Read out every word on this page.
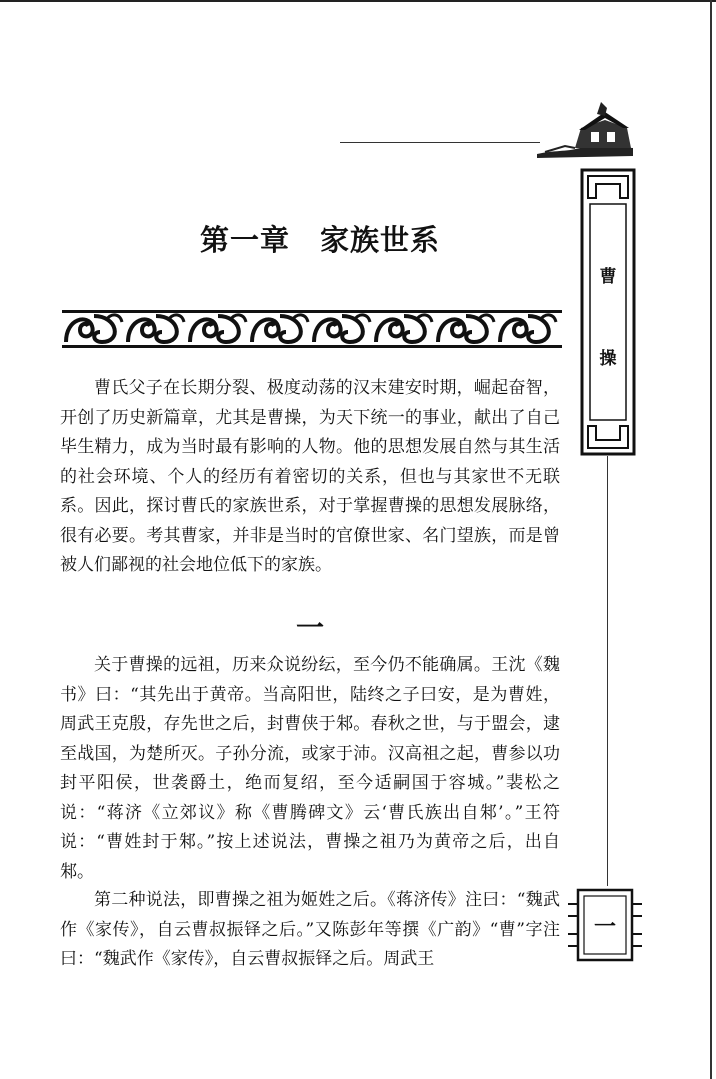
第一章　家族世系

曹氏父子在长期分裂、极度动荡的汉末建安时期，崛起奋智，开创了历史新篇章，尤其是曹操，为天下统一的事业，献出了自己毕生精力，成为当时最有影响的人物。他的思想发展自然与其生活的社会环境、个人的经历有着密切的关系，但也与其家世不无联系。因此，探讨曹氏的家族世系，对于掌握曹操的思想发展脉络，很有必要。考其曹家，并非是当时的官僚世家、名门望族，而是曾被人们鄙视的社会地位低下的家族。

一

关于曹操的远祖，历来众说纷纭，至今仍不能确属。王沈《魏书》曰：“其先出于黄帝。当高阳世，陆终之子曰安，是为曹姓，周武王克殷，存先世之后，封曹侠于邾。春秋之世，与于盟会，逮至战国，为楚所灭。子孙分流，或家于沛。汉高祖之起，曹参以功封平阳侯，世袭爵土，绝而复绍，至今适嗣国于容城。”裴松之说：“蒋济《立郊议》称《曹腾碑文》云‘曹氏族出自邾’。”王符说：“曹姓封于邾。”按上述说法，曹操之祖乃为黄帝之后，出自邾。

第二种说法，即曹操之祖为姬姓之后。《蒋济传》注曰：“魏武作《家传》，自云曹叔振铎之后。”又陈彭年等撰《广韵》“曹”字注曰：“魏武作《家传》，自云曹叔振铎之后。周武王

曹
操
一
